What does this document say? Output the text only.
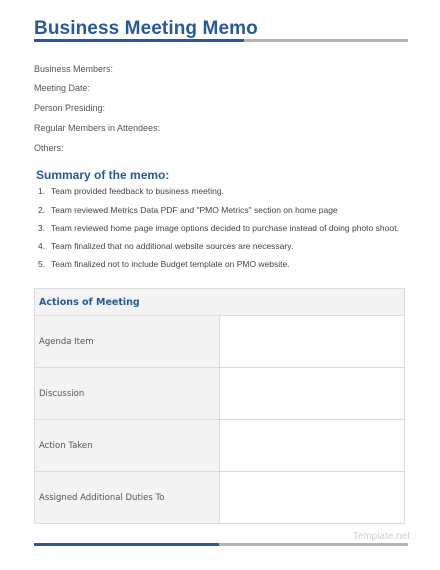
Business Meeting Memo
Business Members:
Meeting Date:
Person Presiding:
Regular Members in Attendees:
Others:
Summary of the memo:
1. Team provided feedback to business meeting.
2. Team reviewed Metrics Data PDF and "PMO Metrics" section on home page
3. Team reviewed home page image options decided to purchase instead of doing photo shoot.
4. Team finalized that no additional website sources are necessary.
5. Team finalized not to include Budget template on PMO website.
Actions of Meeting	
Agenda Item	
Discussion	
Action Taken	
Assigned Additional Duties To	
Template.net
